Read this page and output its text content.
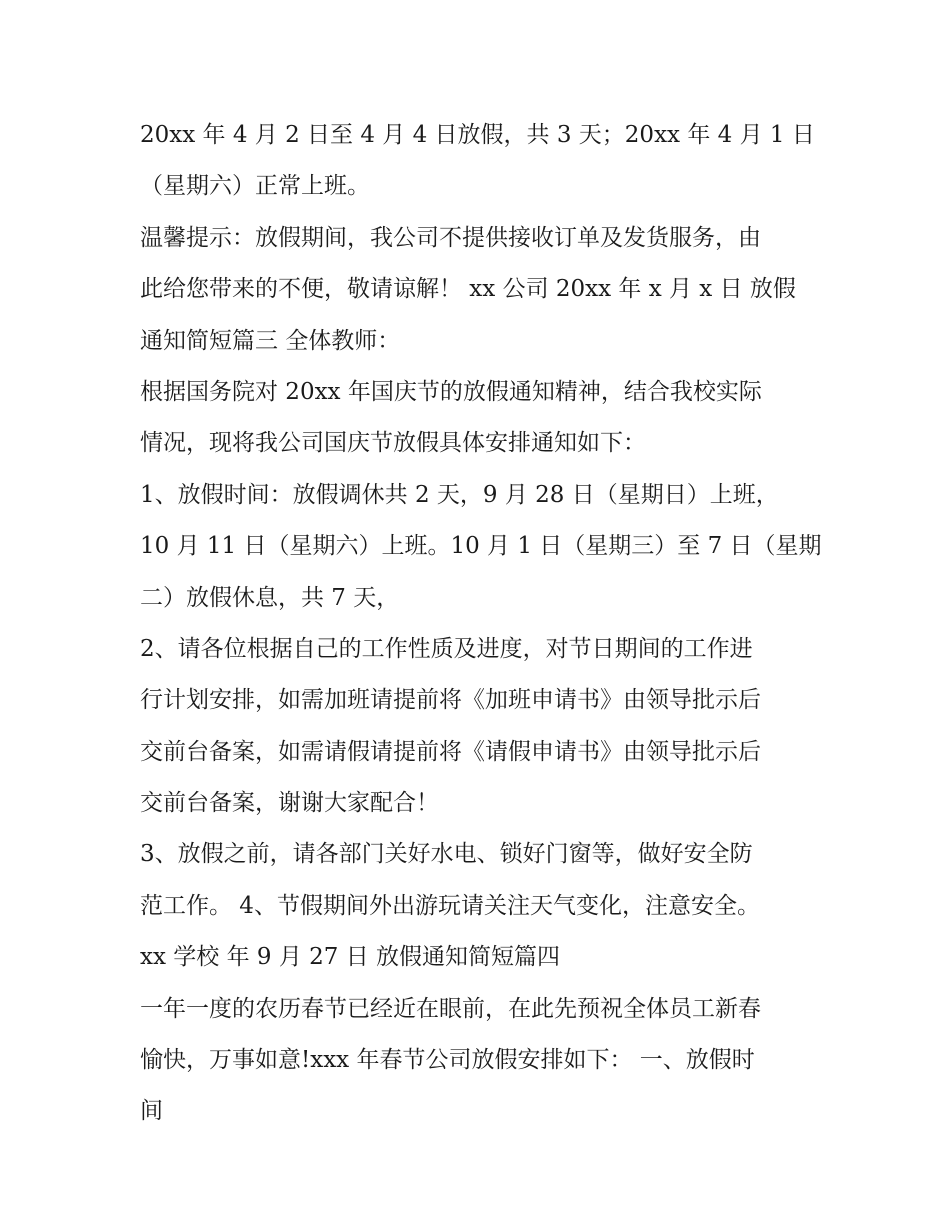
20xx 年 4 月 2 日至 4 月 4 日放假，共 3 天；20xx 年 4 月 1 日
（星期六）正常上班。
温馨提示：放假期间，我公司不提供接收订单及发货服务，由
此给您带来的不便，敬请谅解！ xx 公司 20xx 年 x 月 x 日 放假
通知简短篇三 全体教师：
根据国务院对 20xx 年国庆节的放假通知精神，结合我校实际
情况，现将我公司国庆节放假具体安排通知如下：
1、放假时间：放假调休共 2 天，9 月 28 日（星期日）上班，
10 月 11 日（星期六）上班。10 月 1 日（星期三）至 7 日（星期
二）放假休息，共 7 天，
2、请各位根据自己的工作性质及进度，对节日期间的工作进
行计划安排，如需加班请提前将《加班申请书》由领导批示后
交前台备案，如需请假请提前将《请假申请书》由领导批示后
交前台备案，谢谢大家配合！
3、放假之前，请各部门关好水电、锁好门窗等，做好安全防
范工作。 4、节假期间外出游玩请关注天气变化，注意安全。
xx 学校 年 9 月 27 日 放假通知简短篇四
一年一度的农历春节已经近在眼前，在此先预祝全体员工新春
愉快，万事如意!xxx 年春节公司放假安排如下： 一、放假时
间
